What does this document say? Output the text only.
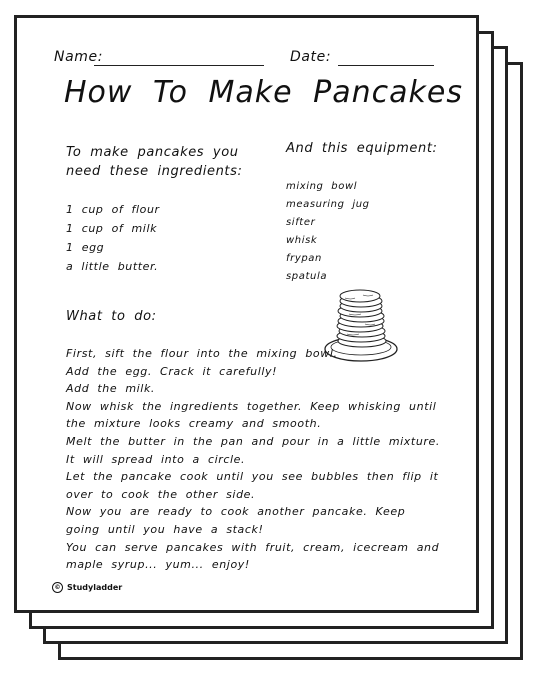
Name:	Date:
How To Make Pancakes
To make pancakes you need these ingredients:
1 cup of flour
1 cup of milk
1 egg
a little butter.
And this equipment:
mixing bowl
measuring jug
sifter
whisk
frypan
spatula
What to do:
First, sift the flour into the mixing bowl.
Add the egg. Crack it carefully!
Add the milk.
Now whisk the ingredients together. Keep whisking until the mixture looks creamy and smooth.
Melt the butter in the pan and pour in a little mixture. It will spread into a circle.
Let the pancake cook until you see bubbles then flip it over to cook the other side.
Now you are ready to cook another pancake. Keep going until you have a stack!
You can serve pancakes with fruit, cream, icecream and maple syrup... yum... enjoy!
© Studyladder
